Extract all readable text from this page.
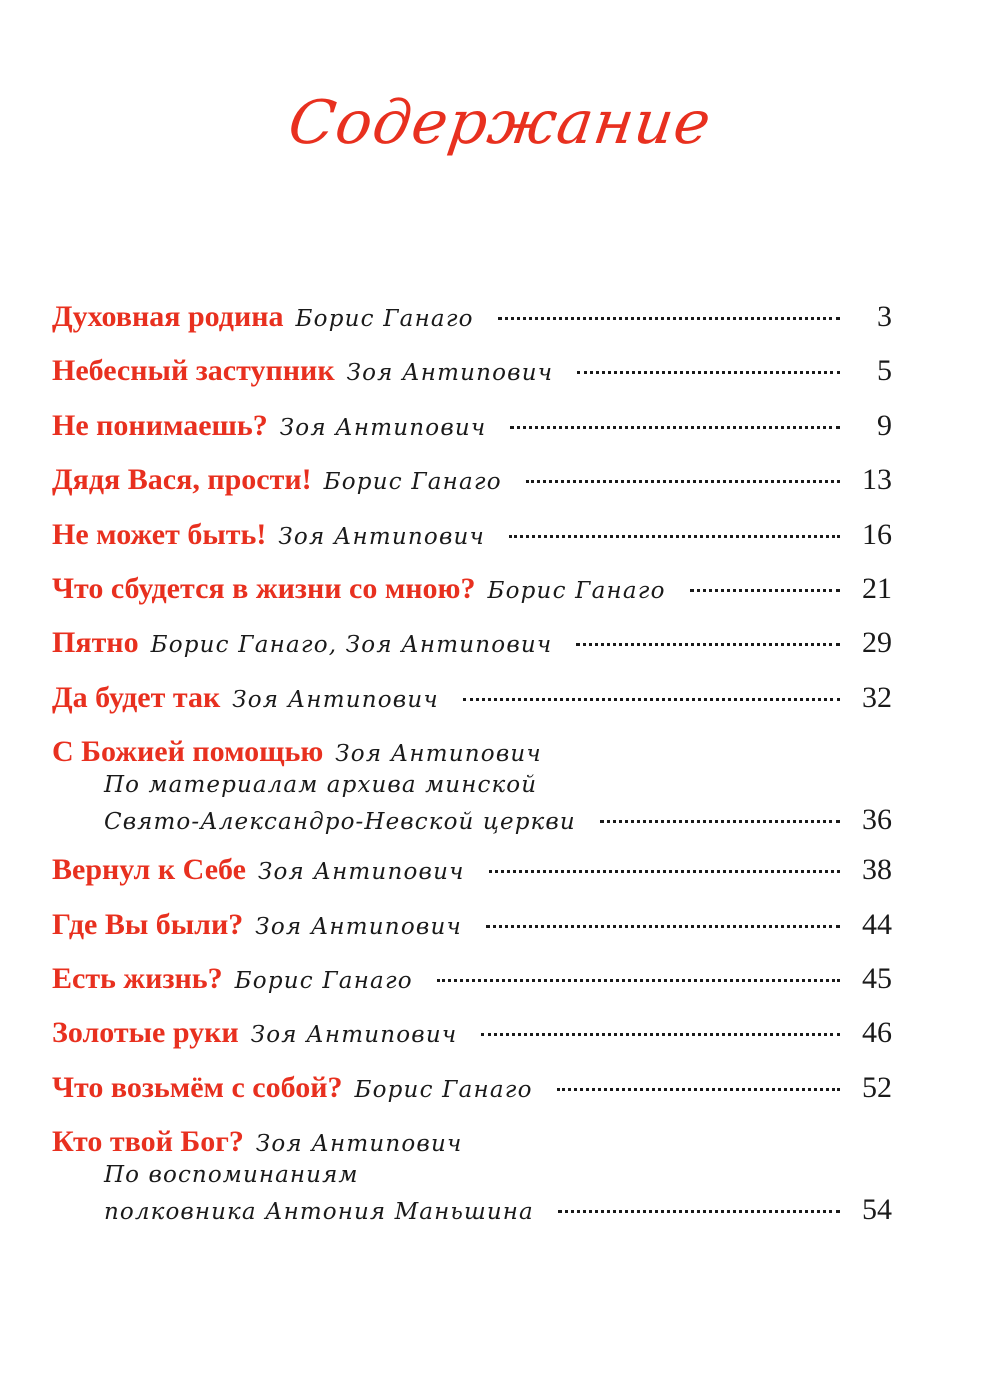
Содержание
Духовная родина Борис Ганаго	3
Небесный заступник Зоя Антипович	5
Не понимаешь? Зоя Антипович	9
Дядя Вася, прости! Борис Ганаго	13
Не может быть! Зоя Антипович	16
Что сбудется в жизни со мною? Борис Ганаго	21
Пятно Борис Ганаго, Зоя Антипович	29
Да будет так Зоя Антипович	32
С Божией помощью Зоя Антипович
По материалам архива минской
Свято-Александро-Невской церкви	36
Вернул к Себе Зоя Антипович	38
Где Вы были? Зоя Антипович	44
Есть жизнь? Борис Ганаго	45
Золотые руки Зоя Антипович	46
Что возьмём с собой? Борис Ганаго	52
Кто твой Бог? Зоя Антипович
По воспоминаниям
полковника Антония Маньшина	54
